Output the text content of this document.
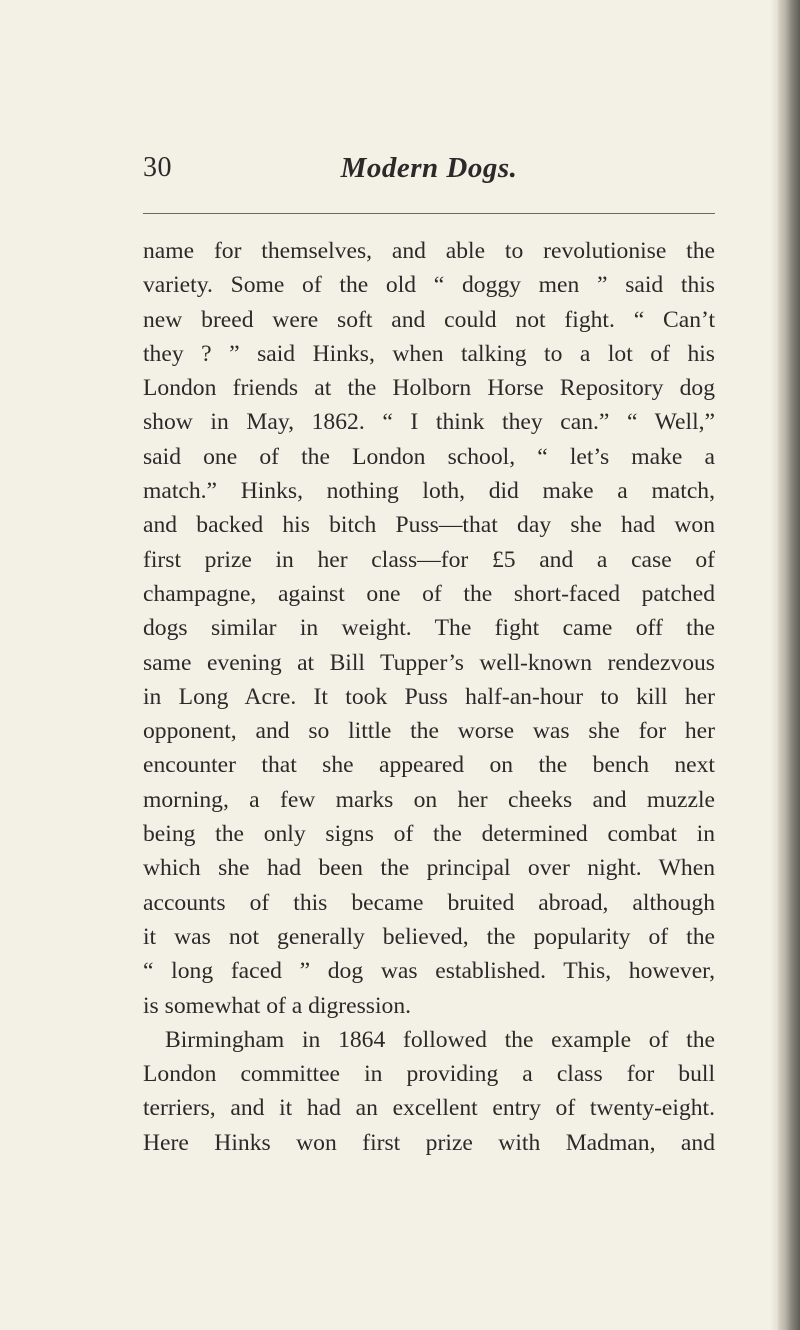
30	Modern Dogs.
name for themselves, and able to revolutionise the
variety. Some of the old “ doggy men ” said this
new breed were soft and could not fight. “ Can’t
they ? ” said Hinks, when talking to a lot of his
London friends at the Holborn Horse Repository dog
show in May, 1862. “ I think they can.” “ Well,”
said one of the London school, “ let’s make a
match.” Hinks, nothing loth, did make a match,
and backed his bitch Puss—that day she had won
first prize in her class—for £5 and a case of
champagne, against one of the short-faced patched
dogs similar in weight. The fight came off the
same evening at Bill Tupper’s well-known rendezvous
in Long Acre. It took Puss half-an-hour to kill her
opponent, and so little the worse was she for her
encounter that she appeared on the bench next
morning, a few marks on her cheeks and muzzle
being the only signs of the determined combat in
which she had been the principal over night. When
accounts of this became bruited abroad, although
it was not generally believed, the popularity of the
“ long faced ” dog was established. This, however,
is somewhat of a digression.
Birmingham in 1864 followed the example of the
London committee in providing a class for bull
terriers, and it had an excellent entry of twenty-eight.
Here Hinks won first prize with Madman, and
